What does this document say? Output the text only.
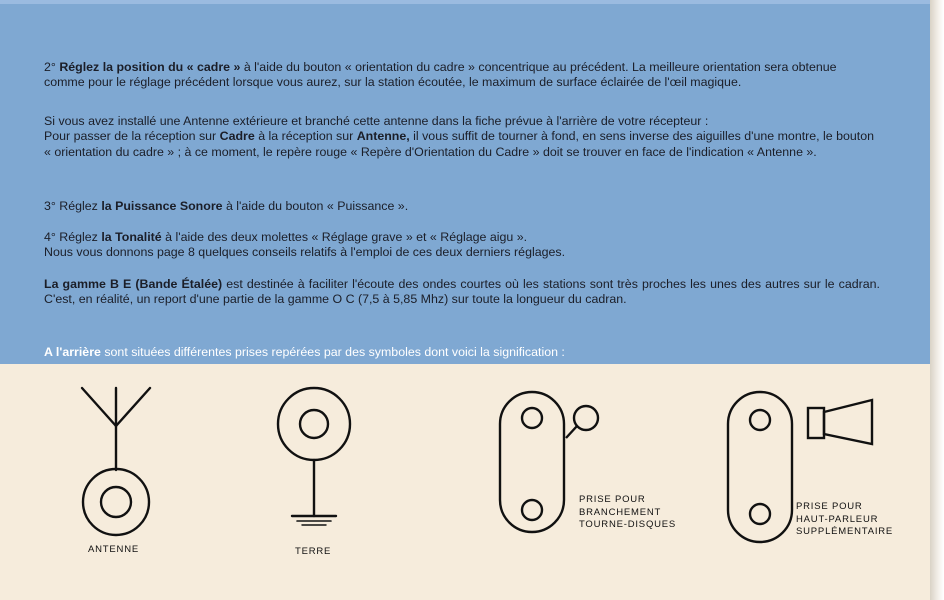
2° Réglez la position du « cadre » à l'aide du bouton « orientation du cadre » concentrique au précédent. La meilleure orientation sera obtenue comme pour le réglage précédent lorsque vous aurez, sur la station écoutée, le maximum de surface éclairée de l'œil magique.

Si vous avez installé une Antenne extérieure et branché cette antenne dans la fiche prévue à l'arrière de votre récepteur :

Pour passer de la réception sur Cadre à la réception sur Antenne, il vous suffit de tourner à fond, en sens inverse des aiguilles d'une montre, le bouton « orientation du cadre » ; à ce moment, le repère rouge « Repère d'Orientation du Cadre » doit se trouver en face de l'indication « Antenne ».

3° Réglez la Puissance Sonore à l'aide du bouton « Puissance ».

4° Réglez la Tonalité à l'aide des deux molettes « Réglage grave » et « Réglage aigu ».

Nous vous donnons page 8 quelques conseils relatifs à l'emploi de ces deux derniers réglages.

La gamme B E (Bande Étalée) est destinée à faciliter l'écoute des ondes courtes où les stations sont très proches les unes des autres sur le cadran. C'est, en réalité, un report d'une partie de la gamme O C (7,5 à 5,85 Mhz) sur toute la longueur du cadran.

A l'arrière sont situées différentes prises repérées par des symboles dont voici la signification :

ANTENNE	TERRE
PRISE POUR
BRANCHEMENT
TOURNE-DISQUES
PRISE POUR
HAUT-PARLEUR
SUPPLÉMENTAIRE
